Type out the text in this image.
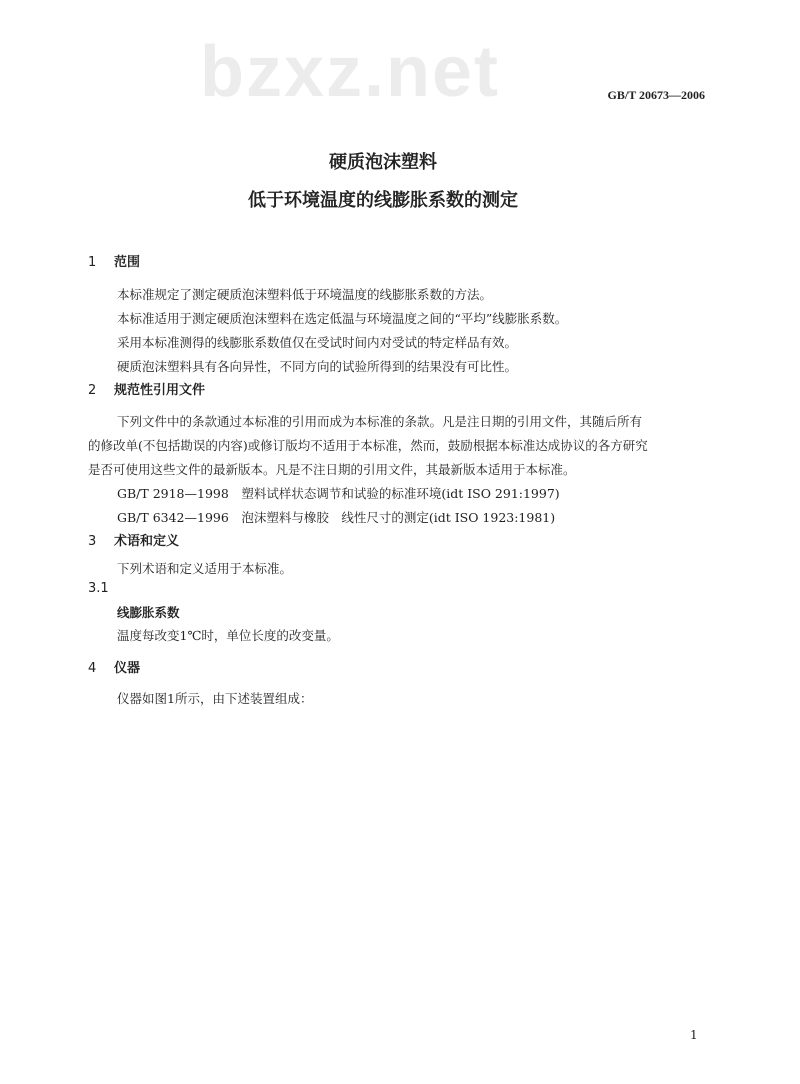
bzxz.net	GB/T 20673—2006
硬质泡沫塑料
低于环境温度的线膨胀系数的测定
1 范围
本标准规定了测定硬质泡沫塑料低于环境温度的线膨胀系数的方法。
本标准适用于测定硬质泡沫塑料在选定低温与环境温度之间的“平均”线膨胀系数。
采用本标准测得的线膨胀系数值仅在受试时间内对受试的特定样品有效。
硬质泡沫塑料具有各向异性，不同方向的试验所得到的结果没有可比性。
2 规范性引用文件
下列文件中的条款通过本标准的引用而成为本标准的条款。凡是注日期的引用文件，其随后所有
的修改单(不包括勘误的内容)或修订版均不适用于本标准，然而，鼓励根据本标准达成协议的各方研究
是否可使用这些文件的最新版本。凡是不注日期的引用文件，其最新版本适用于本标准。
GB/T 2918—1998　塑料试样状态调节和试验的标准环境(idt ISO 291:1997)
GB/T 6342—1996　泡沫塑料与橡胶　线性尺寸的测定(idt ISO 1923:1981)
3 术语和定义
下列术语和定义适用于本标准。
3.1
线膨胀系数
温度每改变1℃时，单位长度的改变量。
4 仪器
仪器如图1所示，由下述装置组成：
1
